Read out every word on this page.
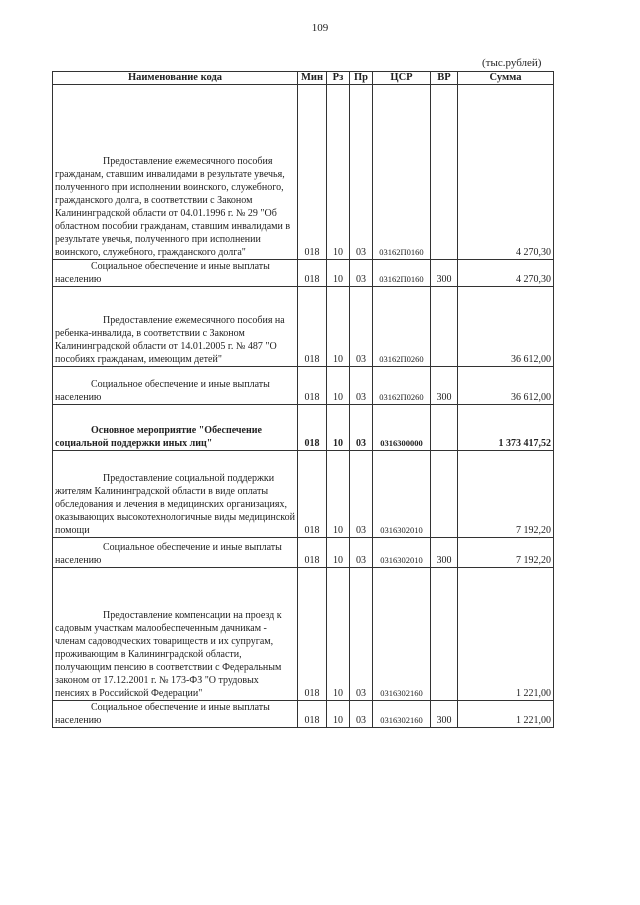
109
(тыс.рублей)
Наименование кода	Мин	Рз	Пр	ЦСР	ВР	Сумма
Предоставление ежемесячного пособия гражданам, ставшим инвалидами в результате увечья, полученного при исполнении воинского, служебного, гражданского долга, в соответствии с Законом Калининградской области от 04.01.1996 г. № 29 "Об областном пособии гражданам, ставшим инвалидами в результате увечья, полученного при исполнении воинского, служебного, гражданского долга"	018	10	03	03162П0160		4 270,30
Социальное обеспечение и иные выплаты населению	018	10	03	03162П0160	300	4 270,30
Предоставление ежемесячного пособия на ребенка-инвалида, в соответствии с Законом Калининградской области от 14.01.2005 г. № 487 "О пособиях гражданам, имеющим детей"	018	10	03	03162П0260		36 612,00
Социальное обеспечение и иные выплаты населению	018	10	03	03162П0260	300	36 612,00
Основное мероприятие "Обеспечение социальной поддержки иных лиц"	018	10	03	0316300000		1 373 417,52
Предоставление социальной поддержки жителям Калининградской области в виде оплаты обследования и лечения в медицинских организациях, оказывающих высокотехнологичные виды медицинской помощи	018	10	03	0316302010		7 192,20
Социальное обеспечение и иные выплаты населению	018	10	03	0316302010	300	7 192,20
Предоставление компенсации на проезд к садовым участкам малообеспеченным дачникам - членам садоводческих товариществ и их супругам, проживающим в Калининградской области, получающим пенсию в соответствии с Федеральным законом от 17.12.2001 г. № 173-ФЗ "О трудовых пенсиях в Российской Федерации"	018	10	03	0316302160		1 221,00
Социальное обеспечение и иные выплаты населению	018	10	03	0316302160	300	1 221,00
